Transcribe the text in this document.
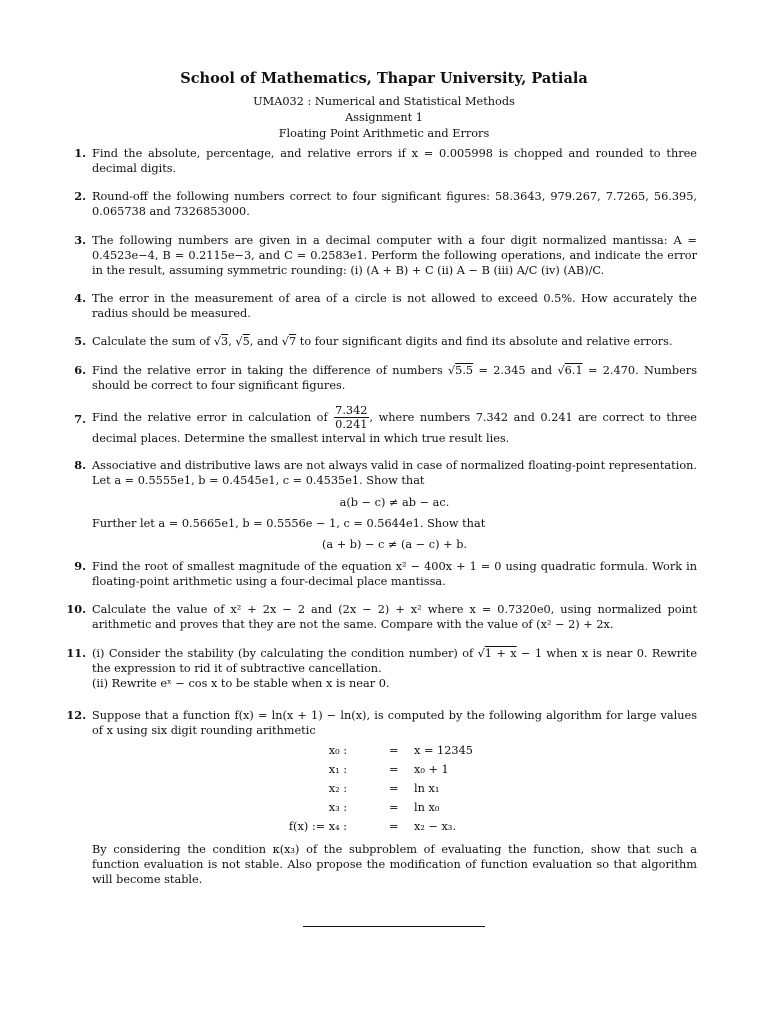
School of Mathematics, Thapar University, Patiala
UMA032 : Numerical and Statistical Methods
Assignment 1
Floating Point Arithmetic and Errors
1. Find the absolute, percentage, and relative errors if x = 0.005998 is chopped and rounded to three decimal digits.
2. Round-off the following numbers correct to four significant figures: 58.3643, 979.267, 7.7265, 56.395, 0.065738 and 7326853000.
3. The following numbers are given in a decimal computer with a four digit normalized mantissa: A = 0.4523e−4, B = 0.2115e−3, and C = 0.2583e1. Perform the following operations, and indicate the error in the result, assuming symmetric rounding: (i) (A + B) + C (ii) A − B (iii) A/C (iv) (AB)/C.
4. The error in the measurement of area of a circle is not allowed to exceed 0.5%. How accurately the radius should be measured.
5. Calculate the sum of √3, √5, and √7 to four significant digits and find its absolute and relative errors.
6. Find the relative error in taking the difference of numbers √5.5 = 2.345 and √6.1 = 2.470. Numbers should be correct to four significant figures.
7. Find the relative error in calculation of $\frac{7.342}{0.241}$ , where numbers 7.342 and 0.241 are correct to three decimal places. Determine the smallest interval in which true result lies.
8. Associative and distributive laws are not always valid in case of normalized floating-point representation. Let a = 0.5555e1, b = 0.4545e1, c = 0.4535e1. Show that
a(b − c) ≠ ab − ac.
Further let a = 0.5665e1, b = 0.5556e − 1, c = 0.5644e1. Show that
(a + b) − c ≠ (a − c) + b.
9. Find the root of smallest magnitude of the equation x² − 400x + 1 = 0 using quadratic formula. Work in floating-point arithmetic using a four-decimal place mantissa.
10. Calculate the value of x² + 2x − 2 and (2x − 2) + x² where x = 0.7320e0, using normalized point arithmetic and proves that they are not the same. Compare with the value of (x² − 2) + 2x.
11. (i) Consider the stability (by calculating the condition number) of √1 + x − 1 when x is near 0. Rewrite the expression to rid it of subtractive cancellation.
(ii) Rewrite eˣ − cos x to be stable when x is near 0.
12. Suppose that a function f(x) = ln(x + 1) − ln(x), is computed by the following algorithm for large values of x using six digit rounding arithmetic
x₀ :	= x = 12345
x₁ :	= x₀ + 1
x₂ :	= ln x₁
x₃ :	= ln x₀
f(x) := x₄ :	= x₂ − x₃.
By considering the condition κ(x₃) of the subproblem of evaluating the function, show that such a function evaluation is not stable. Also propose the modification of function evaluation so that algorithm will become stable.
